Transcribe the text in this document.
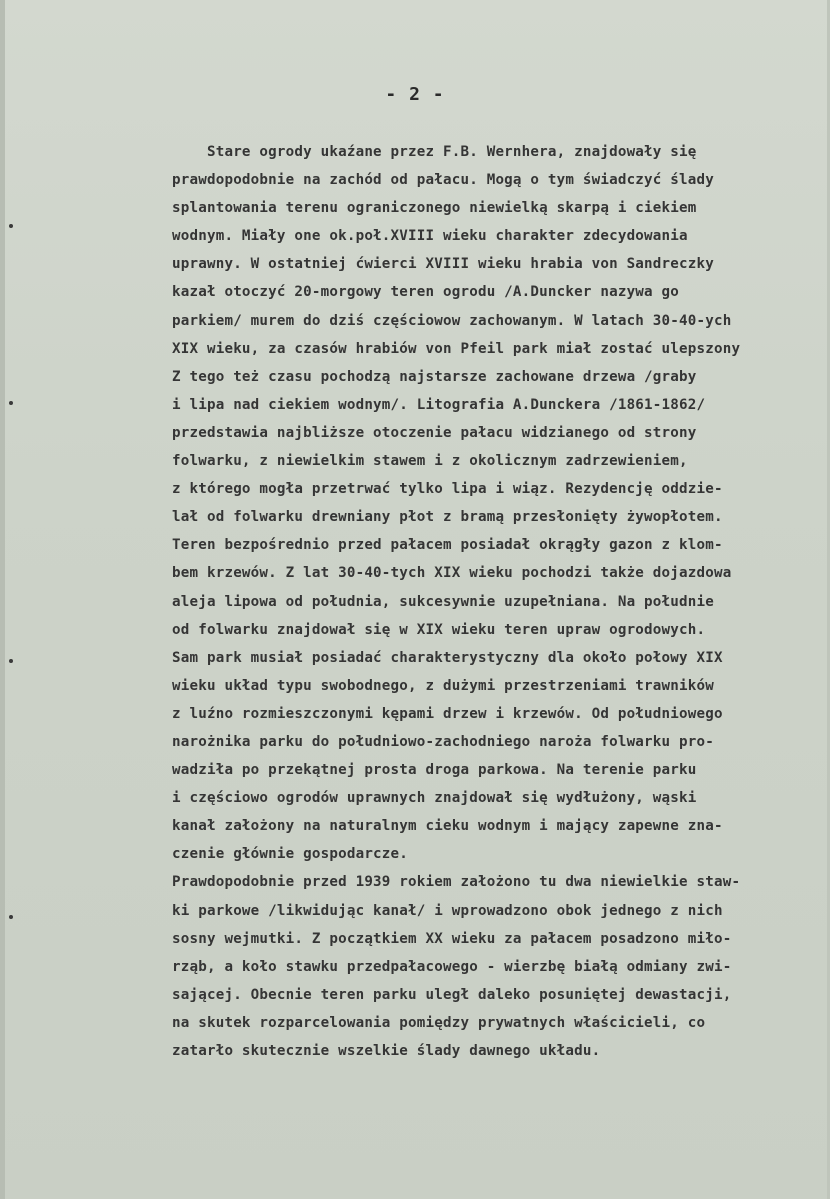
- 2 -
Stare ogrody ukaźane przez F.B. Wernhera, znajdowały się
prawdopodobnie na zachód od pałacu. Mogą o tym świadczyć ślady
splantowania terenu ograniczonego niewielką skarpą i ciekiem
wodnym. Miały one ok.poł.XVIII wieku charakter zdecydowania
uprawny. W ostatniej ćwierci XVIII wieku hrabia von Sandreczky
kazał otoczyć 20-morgowy teren ogrodu /A.Duncker nazywa go
parkiem/ murem do dziś częściowow zachowanym. W latach 30-40-ych
XIX wieku, za czasów hrabiów von Pfeil park miał zostać ulepszony
Z tego też czasu pochodzą najstarsze zachowane drzewa /graby
i lipa nad ciekiem wodnym/. Litografia A.Dunckera /1861-1862/
przedstawia najbliższe otoczenie pałacu widzianego od strony
folwarku, z niewielkim stawem i z okolicznym zadrzewieniem,
z którego mogła przetrwać tylko lipa i wiąz. Rezydencję oddzie-
lał od folwarku drewniany płot z bramą przesłonięty żywopłotem.
Teren bezpośrednio przed pałacem posiadał okrągły gazon z klom-
bem krzewów. Z lat 30-40-tych XIX wieku pochodzi także dojazdowa
aleja lipowa od południa, sukcesywnie uzupełniana. Na południe
od folwarku znajdował się w XIX wieku teren upraw ogrodowych.
Sam park musiał posiadać charakterystyczny dla około połowy XIX
wieku układ typu swobodnego, z dużymi przestrzeniami trawników
z luźno rozmieszczonymi kępami drzew i krzewów. Od południowego
narożnika parku do południowo-zachodniego naroża folwarku pro-
wadziła po przekątnej prosta droga parkowa. Na terenie parku
i częściowo ogrodów uprawnych znajdował się wydłużony, wąski
kanał założony na naturalnym cieku wodnym i mający zapewne zna-
czenie głównie gospodarcze.
Prawdopodobnie przed 1939 rokiem założono tu dwa niewielkie staw-
ki parkowe /likwidując kanał/ i wprowadzono obok jednego z nich
sosny wejmutki. Z początkiem XX wieku za pałacem posadzono miło-
rząb, a koło stawku przedpałacowego - wierzbę białą odmiany zwi-
sającej. Obecnie teren parku uległ daleko posuniętej dewastacji,
na skutek rozparcelowania pomiędzy prywatnych właścicieli, co
zatarło skutecznie wszelkie ślady dawnego układu.
